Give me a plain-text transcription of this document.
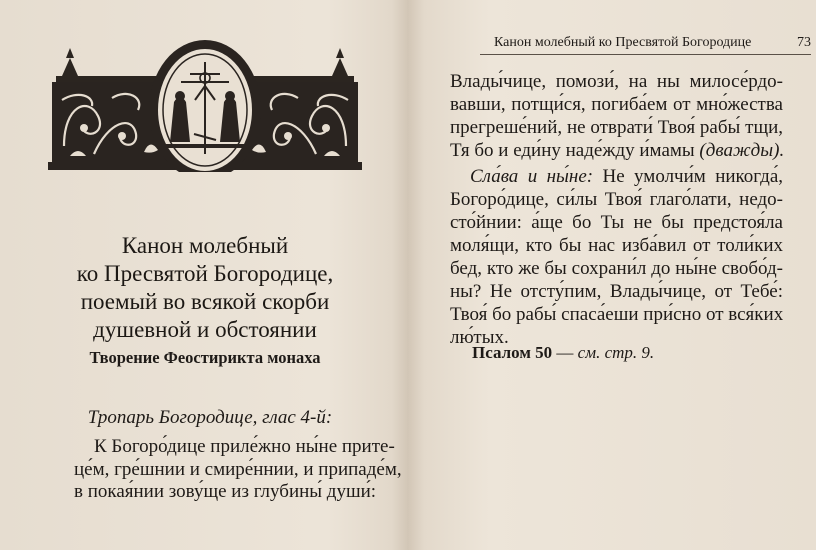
Канон молебный
ко Пресвятой Богородице,
поемый во всякой скорби
душевной и обстоянии

Творение Феостирикта монаха

Тропарь Богородице, глас 4-й:

К Богоро́дице приле́жно ны́не прите-
це́м, гре́шнии и смире́ннии, и припаде́м,
в покая́нии зову́ще из глубины́ души́:
Канон молебный ко Пресвятой Богородице	73
Влады́чице, помози́, на ны милосе́рдо-
вавши, потщи́ся, погиба́ем от мно́жества
прегреше́ний, не отврати́ Твоя́ рабы́ тщи,
Тя бо и еди́ну наде́жду и́мамы (дважды).
Сла́ва и ны́не: Не умолчи́м никогда́,
Богоро́дице, си́лы Твоя́ глаго́лати, недо-
сто́йнии: а́ще бо Ты не бы предстоя́ла
моля́щи, кто бы нас изба́вил от толи́ких
бед, кто же бы сохрани́л до ны́не свобо́д-
ны? Не отсту́пим, Влады́чице, от Тебе́:
Твоя́ бо рабы́ спаса́еши при́сно от вся́ких
лю́тых.
Псалом 50 — см. стр. 9.
